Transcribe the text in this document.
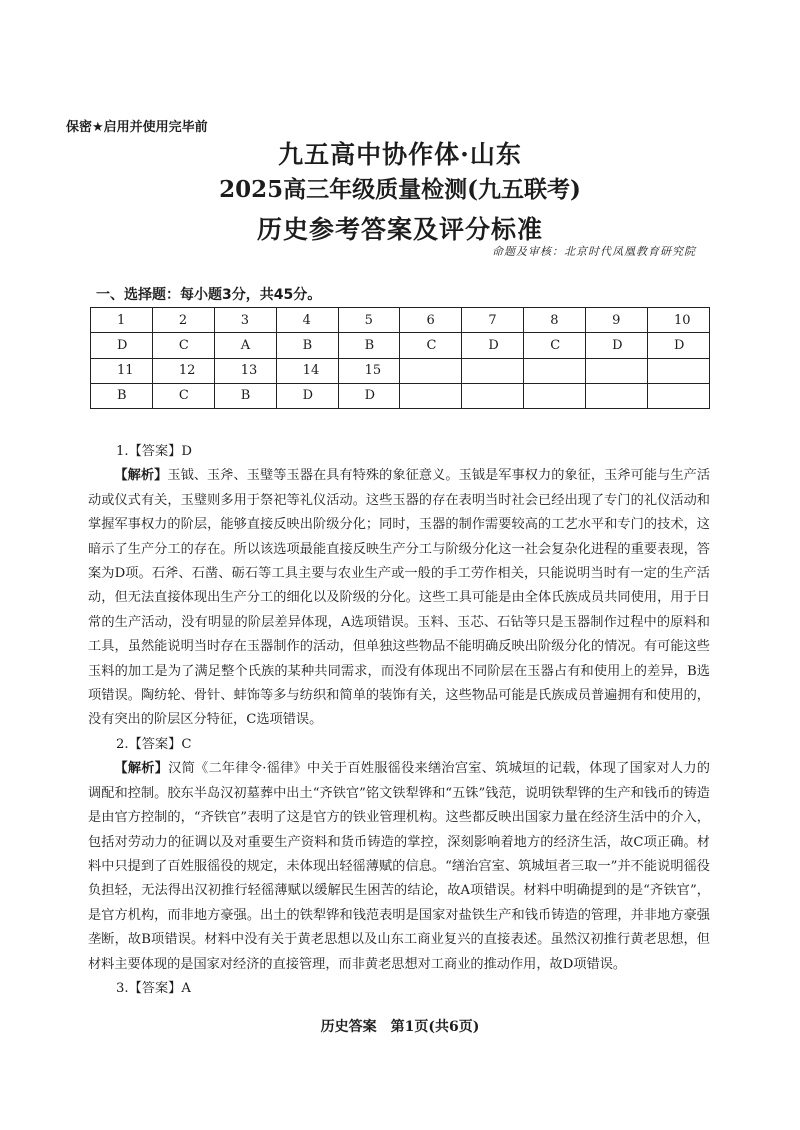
保密★启用并使用完毕前
九五高中协作体·山东
2025高三年级质量检测(九五联考)
历史参考答案及评分标准
命题及审核：北京时代凤凰教育研究院
一、选择题：每小题3分，共45分。
1	2	3	4	5	6	7	8	9	10
D	C	A	B	B	C	D	C	D	D
11	12	13	14	15					
B	C	B	D	D					

1.【答案】D

【解析】玉钺、玉斧、玉璧等玉器在具有特殊的象征意义。玉钺是军事权力的象征，玉斧可能与生产活动或仪式有关，玉璧则多用于祭祀等礼仪活动。这些玉器的存在表明当时社会已经出现了专门的礼仪活动和掌握军事权力的阶层，能够直接反映出阶级分化；同时，玉器的制作需要较高的工艺水平和专门的技术，这暗示了生产分工的存在。所以该选项最能直接反映生产分工与阶级分化这一社会复杂化进程的重要表现，答案为D项。石斧、石凿、砺石等工具主要与农业生产或一般的手工劳作相关，只能说明当时有一定的生产活动，但无法直接体现出生产分工的细化以及阶级的分化。这些工具可能是由全体氏族成员共同使用，用于日常的生产活动，没有明显的阶层差异体现，A选项错误。玉料、玉芯、石钻等只是玉器制作过程中的原料和工具，虽然能说明当时存在玉器制作的活动，但单独这些物品不能明确反映出阶级分化的情况。有可能这些玉料的加工是为了满足整个氏族的某种共同需求，而没有体现出不同阶层在玉器占有和使用上的差异，B选项错误。陶纺轮、骨针、蚌饰等多与纺织和简单的装饰有关，这些物品可能是氏族成员普遍拥有和使用的，没有突出的阶层区分特征，C选项错误。

2.【答案】C

【解析】汉简《二年律令·徭律》中关于百姓服徭役来缮治宫室、筑城垣的记载，体现了国家对人力的调配和控制。胶东半岛汉初墓葬中出土“齐铁官”铭文铁犁铧和“五铢”钱范，说明铁犁铧的生产和钱币的铸造是由官方控制的，“齐铁官”表明了这是官方的铁业管理机构。这些都反映出国家力量在经济生活中的介入，包括对劳动力的征调以及对重要生产资料和货币铸造的掌控，深刻影响着地方的经济生活，故C项正确。材料中只提到了百姓服徭役的规定，未体现出轻徭薄赋的信息。“缮治宫室、筑城垣者三取一”并不能说明徭役负担轻，无法得出汉初推行轻徭薄赋以缓解民生困苦的结论，故A项错误。材料中明确提到的是“齐铁官”，是官方机构，而非地方豪强。出土的铁犁铧和钱范表明是国家对盐铁生产和钱币铸造的管理，并非地方豪强垄断，故B项错误。材料中没有关于黄老思想以及山东工商业复兴的直接表述。虽然汉初推行黄老思想，但材料主要体现的是国家对经济的直接管理，而非黄老思想对工商业的推动作用，故D项错误。

3.【答案】A

历史答案　第1页(共6页)
